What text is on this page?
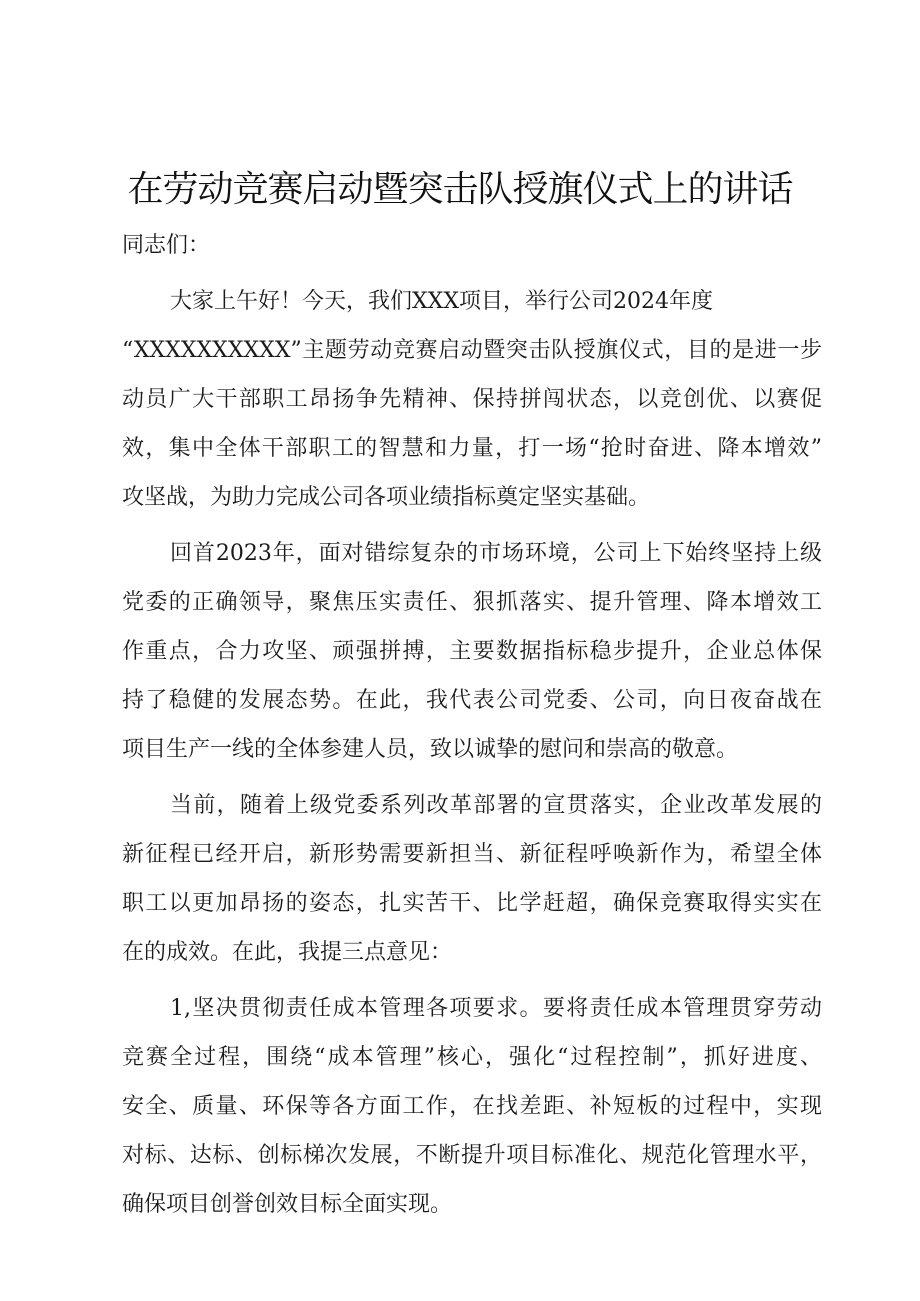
在劳动竞赛启动暨突击队授旗仪式上的讲话
同志们：
大家上午好！今天，我们XXX项目，举行公司2024年度
“XXXXXXXXXX”主题劳动竞赛启动暨突击队授旗仪式，目的是进一步
动员广大干部职工昂扬争先精神、保持拼闯状态，以竞创优、以赛促
效，集中全体干部职工的智慧和力量，打一场“抢时奋进、降本增效”
攻坚战，为助力完成公司各项业绩指标奠定坚实基础。
回首2023年，面对错综复杂的市场环境，公司上下始终坚持上级
党委的正确领导，聚焦压实责任、狠抓落实、提升管理、降本增效工
作重点，合力攻坚、顽强拼搏，主要数据指标稳步提升，企业总体保
持了稳健的发展态势。在此，我代表公司党委、公司，向日夜奋战在
项目生产一线的全体参建人员，致以诚挚的慰问和崇高的敬意。
当前，随着上级党委系列改革部署的宣贯落实，企业改革发展的
新征程已经开启，新形势需要新担当、新征程呼唤新作为，希望全体
职工以更加昂扬的姿态，扎实苦干、比学赶超，确保竞赛取得实实在
在的成效。在此，我提三点意见：
1,坚决贯彻责任成本管理各项要求。要将责任成本管理贯穿劳动
竞赛全过程，围绕“成本管理”核心，强化“过程控制”，抓好进度、
安全、质量、环保等各方面工作，在找差距、补短板的过程中，实现
对标、达标、创标梯次发展，不断提升项目标准化、规范化管理水平，
确保项目创誉创效目标全面实现。
